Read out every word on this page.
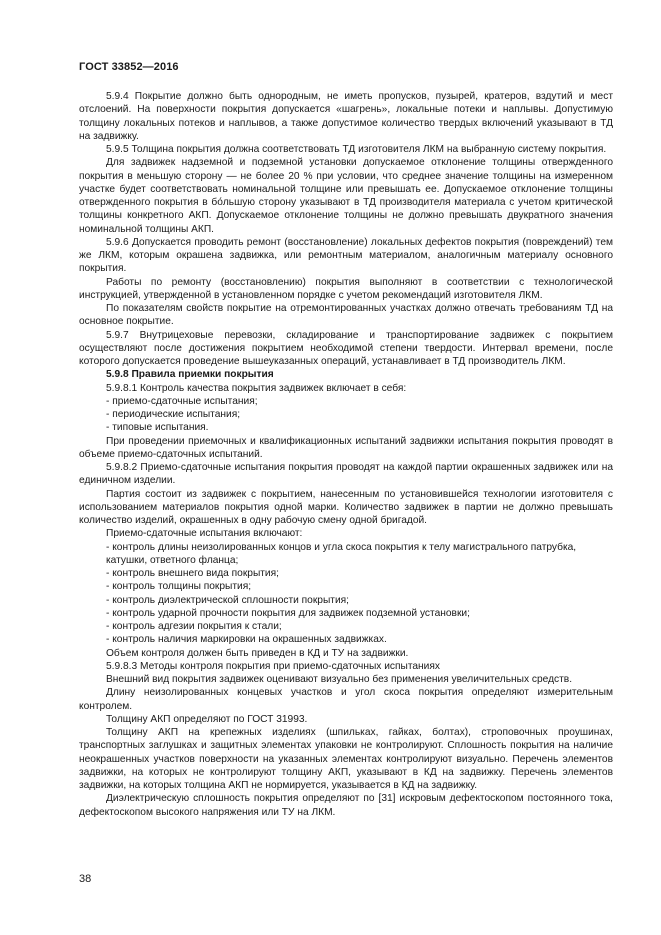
ГОСТ 33852—2016

5.9.4 Покрытие должно быть однородным, не иметь пропусков, пузырей, кратеров, вздутий и мест отслоений. На поверхности покрытия допускается «шагрень», локальные потеки и наплывы. Допустимую толщину локальных потеков и наплывов, а также допустимое количество твердых включений указывают в ТД на задвижку.

5.9.5 Толщина покрытия должна соответствовать ТД изготовителя ЛКМ на выбранную систему покрытия.

Для задвижек надземной и подземной установки допускаемое отклонение толщины отвержденного покрытия в меньшую сторону — не более 20 % при условии, что среднее значение толщины на измеренном участке будет соответствовать номинальной толщине или превышать ее. Допускаемое отклонение толщины отвержденного покрытия в бо́льшую сторону указывают в ТД производителя материала с учетом критической толщины конкретного АКП. Допускаемое отклонение толщины не должно превышать двукратного значения номинальной толщины АКП.

5.9.6 Допускается проводить ремонт (восстановление) локальных дефектов покрытия (повреждений) тем же ЛКМ, которым окрашена задвижка, или ремонтным материалом, аналогичным материалу основного покрытия.

Работы по ремонту (восстановлению) покрытия выполняют в соответствии с технологической инструкцией, утвержденной в установленном порядке с учетом рекомендаций изготовителя ЛКМ.

По показателям свойств покрытие на отремонтированных участках должно отвечать требованиям ТД на основное покрытие.

5.9.7 Внутрицеховые перевозки, складирование и транспортирование задвижек с покрытием осуществляют после достижения покрытием необходимой степени твердости. Интервал времени, после которого допускается проведение вышеуказанных операций, устанавливает в ТД производитель ЛКМ.

5.9.8 Правила приемки покрытия

5.9.8.1 Контроль качества покрытия задвижек включает в себя:

- приемо-сдаточные испытания;

- периодические испытания;

- типовые испытания.

При проведении приемочных и квалификационных испытаний задвижки испытания покрытия проводят в объеме приемо-сдаточных испытаний.

5.9.8.2 Приемо-сдаточные испытания покрытия проводят на каждой партии окрашенных задвижек или на единичном изделии.

Партия состоит из задвижек с покрытием, нанесенным по установившейся технологии изготовителя с использованием материалов покрытия одной марки. Количество задвижек в партии не должно превышать количество изделий, окрашенных в одну рабочую смену одной бригадой.

Приемо-сдаточные испытания включают:

- контроль длины неизолированных концов и угла скоса покрытия к телу магистрального патрубка, катушки, ответного фланца;

- контроль внешнего вида покрытия;

- контроль толщины покрытия;

- контроль диэлектрической сплошности покрытия;

- контроль ударной прочности покрытия для задвижек подземной установки;

- контроль адгезии покрытия к стали;

- контроль наличия маркировки на окрашенных задвижках.

Объем контроля должен быть приведен в КД и ТУ на задвижки.

5.9.8.3 Методы контроля покрытия при приемо-сдаточных испытаниях

Внешний вид покрытия задвижек оценивают визуально без применения увеличительных средств.

Длину неизолированных концевых участков и угол скоса покрытия определяют измерительным контролем.

Толщину АКП определяют по ГОСТ 31993.

Толщину АКП на крепежных изделиях (шпильках, гайках, болтах), строповочных проушинах, транспортных заглушках и защитных элементах упаковки не контролируют. Сплошность покрытия на наличие неокрашенных участков поверхности на указанных элементах контролируют визуально. Перечень элементов задвижки, на которых не контролируют толщину АКП, указывают в КД на задвижку. Перечень элементов задвижки, на которых толщина АКП не нормируется, указывается в КД на задвижку.

Диэлектрическую сплошность покрытия определяют по [31] искровым дефектоскопом постоянного тока, дефектоскопом высокого напряжения или ТУ на ЛКМ.

38
